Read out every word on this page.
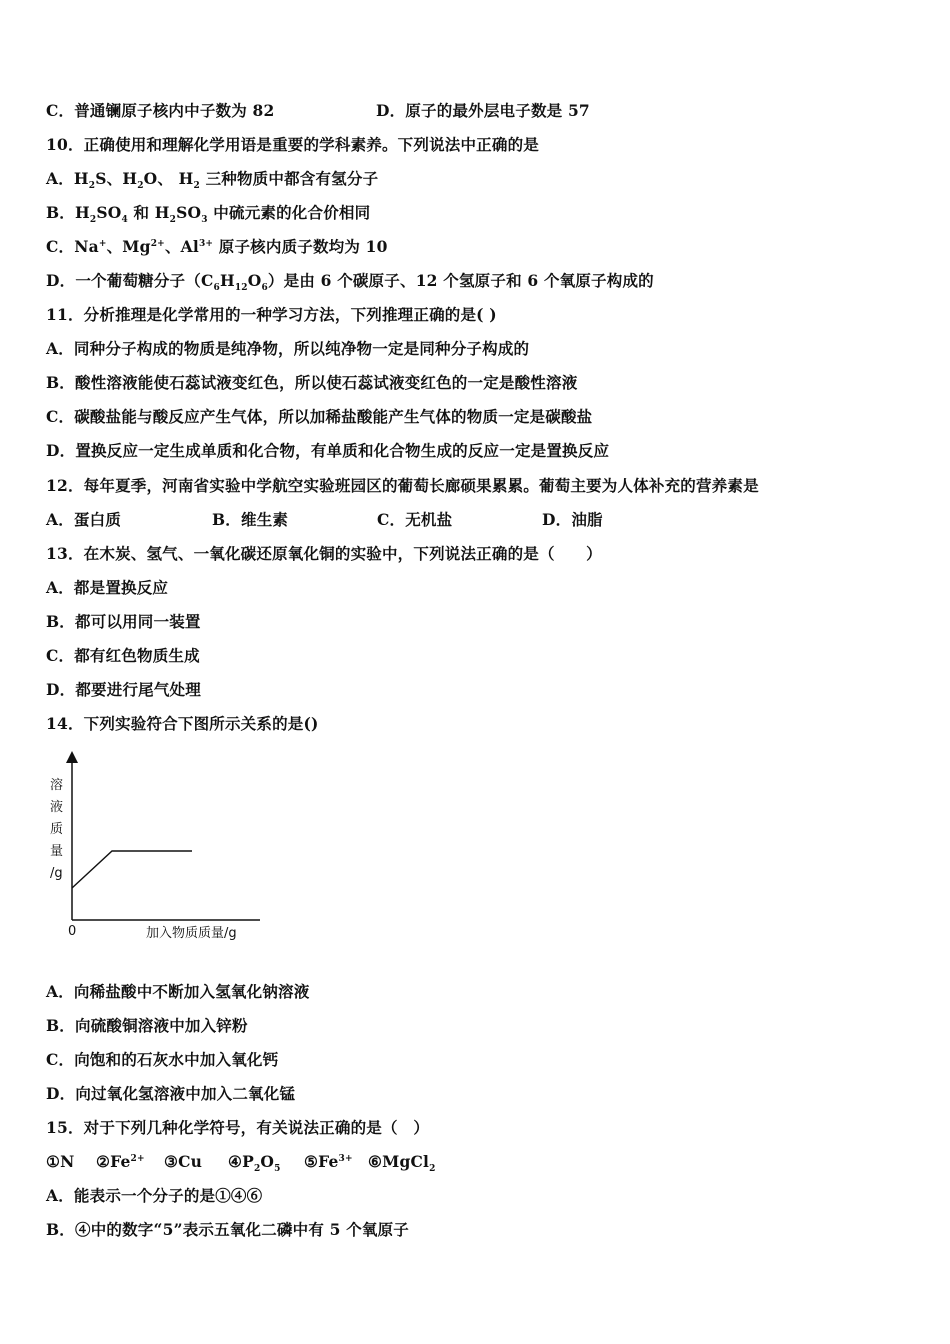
C．普通镧原子核内中子数为 82	D．原子的最外层电子数是 57
10．正确使用和理解化学用语是重要的学科素养。下列说法中正确的是
A．$H_2S$、$H_2O$、 $H_2$ 三种物质中都含有氢分子
B．$H_2SO_4$ 和 $H_2SO_3$ 中硫元素的化合价相同
C．Na+、$Mg^{2+}$、$Al^{3+}$ 原子核内质子数均为 10
D．一个葡萄糖分子$(C_6H_{12}O_6)$是由 6 个碳原子、12 个氢原子和 6 个氧原子构成的
11．分析推理是化学常用的一种学习方法，下列推理正确的是( )
A．同种分子构成的物质是纯净物，所以纯净物一定是同种分子构成的
B．酸性溶液能使石蕊试液变红色，所以使石蕊试液变红色的一定是酸性溶液
C．碳酸盐能与酸反应产生气体，所以加稀盐酸能产生气体的物质一定是碳酸盐
D．置换反应一定生成单质和化合物，有单质和化合物生成的反应一定是置换反应
12．每年夏季，河南省实验中学航空实验班园区的葡萄长廊硕果累累。葡萄主要为人体补充的营养素是
A．蛋白质	B．维生素	C．无机盐	D．油脂
13．在木炭、氢气、一氧化碳还原氧化铜的实验中，下列说法正确的是（　　）
A．都是置换反应
B．都可以用同一装置
C．都有红色物质生成
D．都要进行尾气处理
14．下列实验符合下图所示关系的是()
溶
液
质
量
/g
0	加入物质质量/g
A．向稀盐酸中不断加入氢氧化钠溶液
B．向硫酸铜溶液中加入锌粉
C．向饱和的石灰水中加入氧化钙
D．向过氧化氢溶液中加入二氧化锰
15．对于下列几种化学符号，有关说法正确的是（　）
①N $②Fe^{2+}$ ③Cu $④P_2O_5$ $⑤Fe^{3+}$ ⑥MgCl$_2$
A．能表示一个分子的是①④⑥
B．④中的数字“5”表示五氧化二磷中有 5 个氧原子
